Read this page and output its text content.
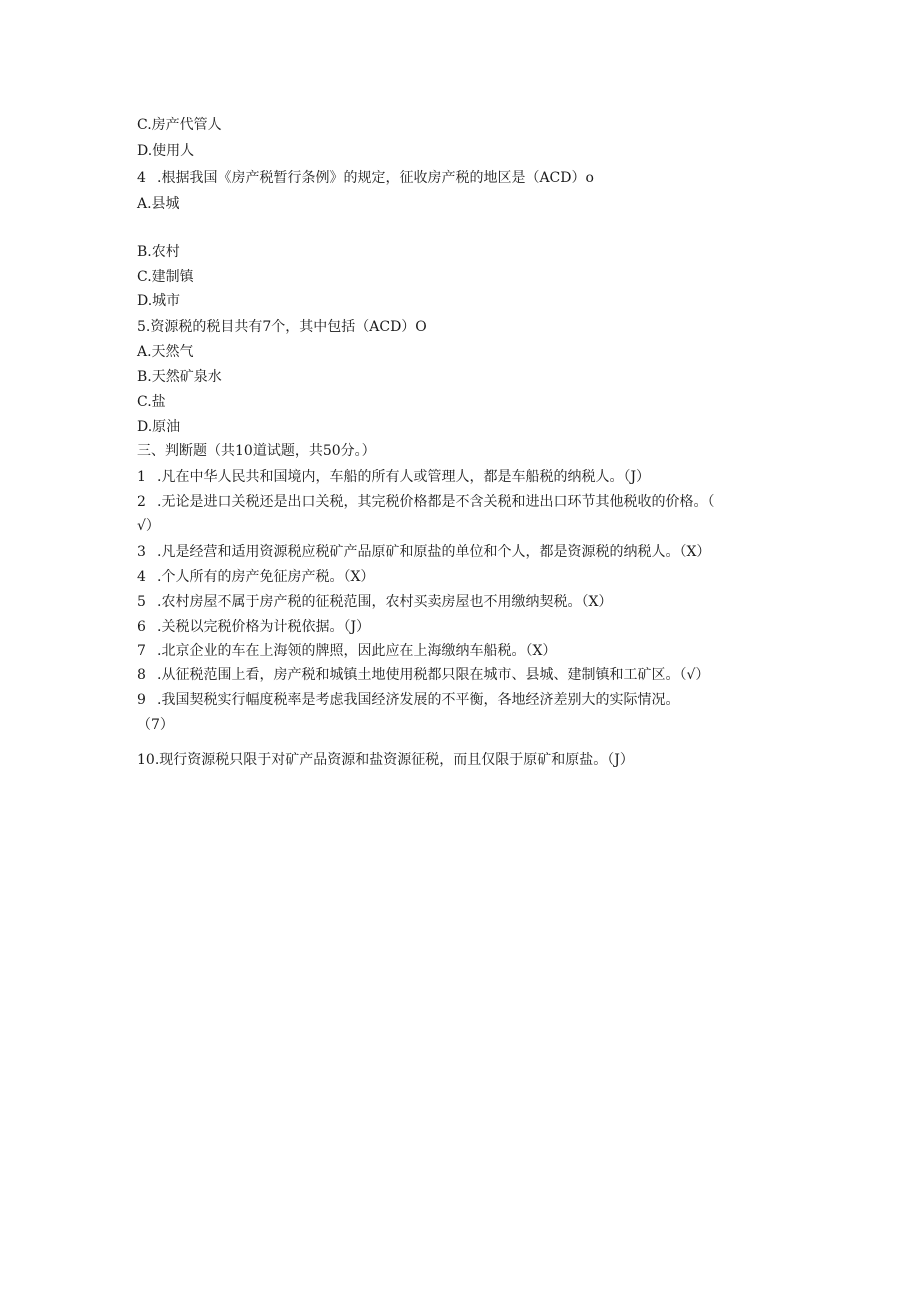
C.房产代管人
D.使用人
4 .根据我国《房产税暂行条例》的规定，征收房产税的地区是（ACD）o
A.县城
B.农村
C.建制镇
D.城市
5.资源税的税目共有7个，其中包括（ACD）O
A.天然气
B.天然矿泉水
C.盐
D.原油
三、判断题（共10道试题，共50分。）
1 .凡在中华人民共和国境内，车船的所有人或管理人，都是车船税的纳税人。（J）
2 .无论是进口关税还是出口关税，其完税价格都是不含关税和进出口环节其他税收的价格。（
√）
3 .凡是经营和适用资源税应税矿产品原矿和原盐的单位和个人，都是资源税的纳税人。（X）
4 .个人所有的房产免征房产税。（X）
5 .农村房屋不属于房产税的征税范围，农村买卖房屋也不用缴纳契税。（X）
6 .关税以完税价格为计税依据。（J）
7 .北京企业的车在上海领的牌照，因此应在上海缴纳车船税。（X）
8 .从征税范围上看，房产税和城镇土地使用税都只限在城市、县城、建制镇和工矿区。（√）
9 .我国契税实行幅度税率是考虑我国经济发展的不平衡，各地经济差别大的实际情况。
（7）
10.现行资源税只限于对矿产品资源和盐资源征税，而且仅限于原矿和原盐。（J）
